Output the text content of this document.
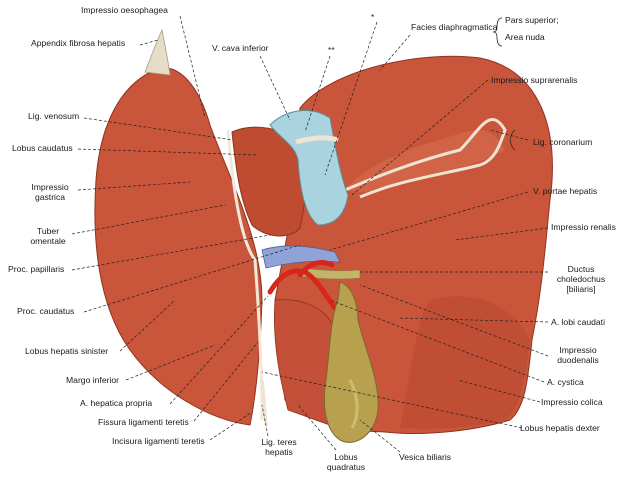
Impressio oesophagea
*
Appendix fibrosa hepatis	V. cava inferior	**
Facies diaphragmatica
Pars superior;
Area nuda
Impressio suprarenalis
Lig. venosum
Lobus caudatus
Lig. coronarium
Impressio
gastrica
V. portae hepatis
Tuber
omentale
Impressio renalis
Proc. papillaris	Ductus
choledochus
[biliaris]
Proc. caudatus
A. lobi caudati
Lobus hepatis sinister	Impressio
duodenalis
Margo inferior	A. cystica
A. hepatica propria	Impressio colica
Fissura ligamenti teretis
Lobus hepatis dexter
Incisura ligamenti teretis	Lig. teres
hepatis	Lobus
quadratus
Vesica biliaris
